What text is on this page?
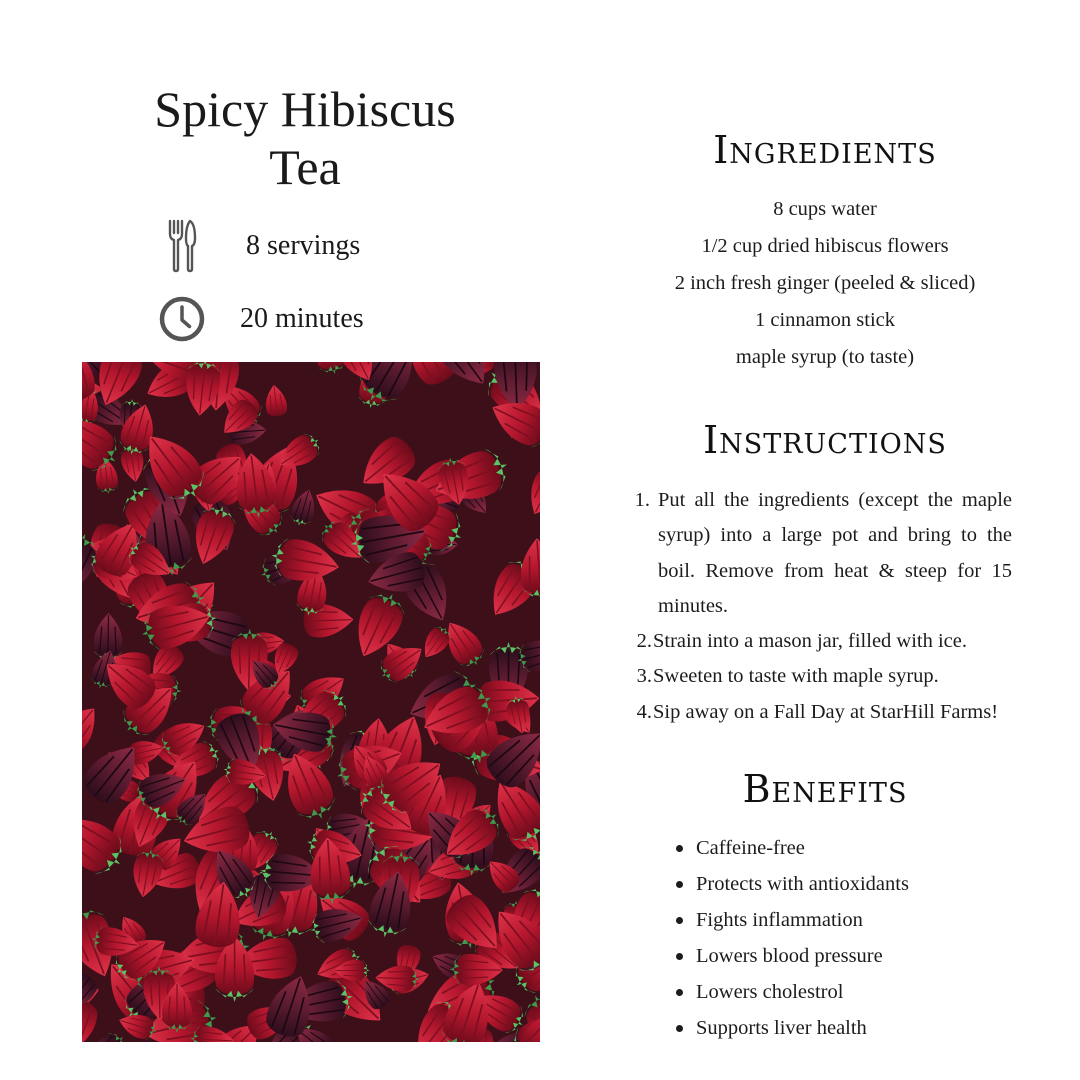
Spicy Hibiscus Tea
8 servings
20 minutes
Ingredients
8 cups water
1/2 cup dried hibiscus flowers
2 inch fresh ginger (peeled & sliced)
1 cinnamon stick
maple syrup (to taste)
Instructions
1. Put all the ingredients (except the maple syrup) into a large pot and bring to the boil. Remove from heat & steep for 15 minutes.
2. Strain into a mason jar, filled with ice.
3. Sweeten to taste with maple syrup.
4. Sip away on a Fall Day at StarHill Farms!
Benefits
Caffeine-free
Protects with antioxidants
Fights inflammation
Lowers blood pressure
Lowers cholestrol
Supports liver health
